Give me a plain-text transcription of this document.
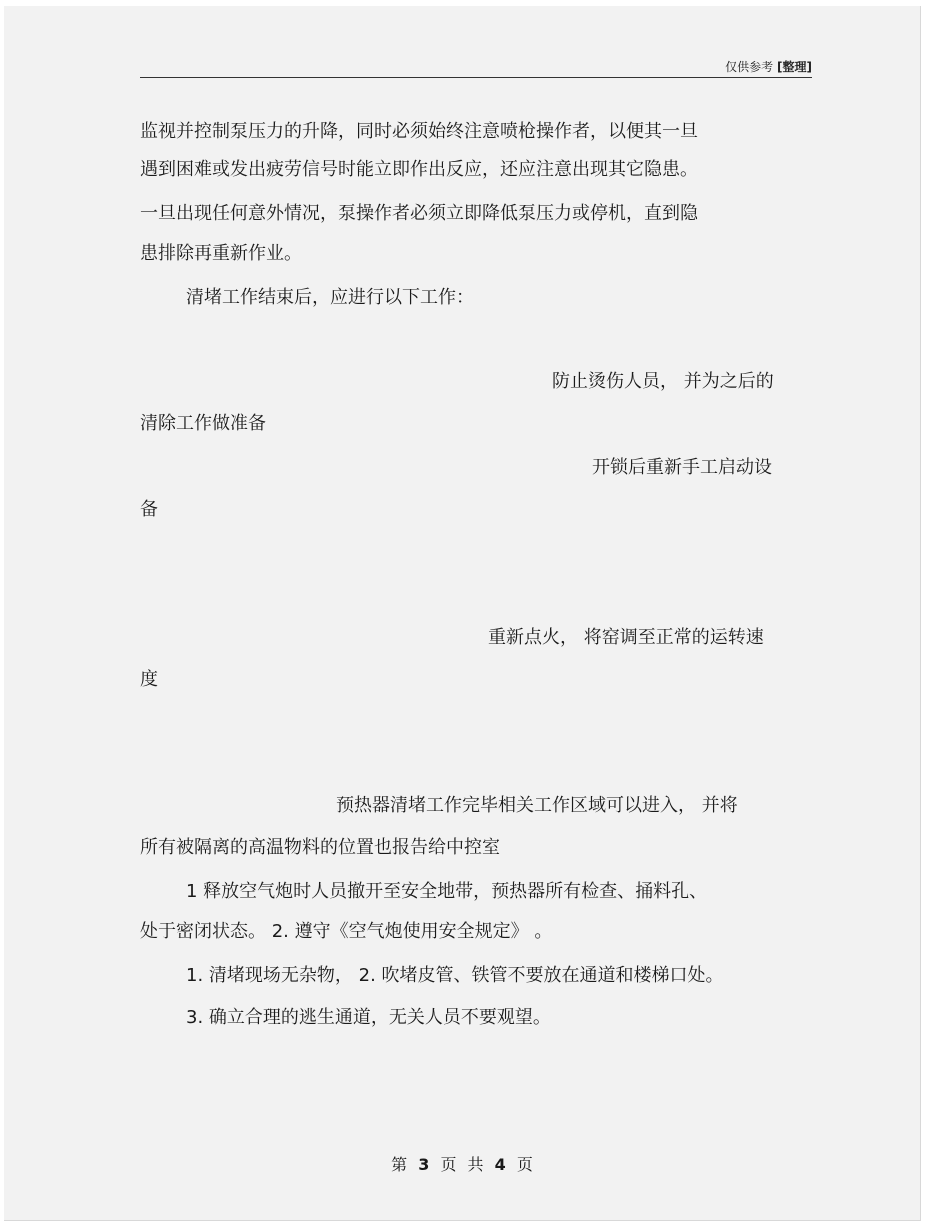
仅供参考 [整理]
监视并控制泵压力的升降，同时必须始终注意喷枪操作者，以便其一旦
遇到困难或发出疲劳信号时能立即作出反应，还应注意出现其它隐患。
一旦出现任何意外情况，泵操作者必须立即降低泵压力或停机，直到隐
患排除再重新作业。
清堵工作结束后，应进行以下工作：
防止烫伤人员， 并为之后的
清除工作做准备
开锁后重新手工启动设
备
重新点火， 将窑调至正常的运转速
度
预热器清堵工作完毕相关工作区域可以进入， 并将
所有被隔离的高温物料的位置也报告给中控室
1 释放空气炮时人员撤开至安全地带，预热器所有检查、捅料孔、
处于密闭状态。 2. 遵守《空气炮使用安全规定》 。
1. 清堵现场无杂物， 2. 吹堵皮管、铁管不要放在通道和楼梯口处。
3. 确立合理的逃生通道，无关人员不要观望。
第 3 页 共 4 页
